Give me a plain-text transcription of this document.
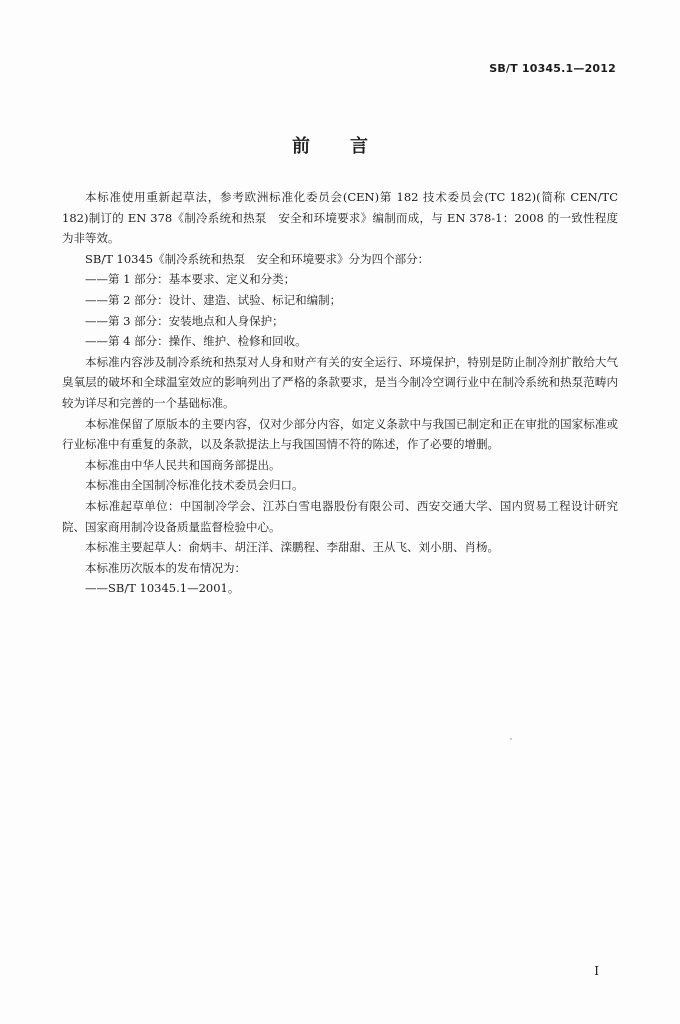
SB/T 10345.1—2012
前言

本标准使用重新起草法，参考欧洲标准化委员会(CEN)第 182 技术委员会(TC 182)(简称 CEN/TC 182)制订的 EN 378《制冷系统和热泵　安全和环境要求》编制而成，与 EN 378-1：2008 的一致性程度为非等效。

SB/T 10345《制冷系统和热泵　安全和环境要求》分为四个部分：

——第 1 部分：基本要求、定义和分类；

——第 2 部分：设计、建造、试验、标记和编制；

——第 3 部分：安装地点和人身保护；

——第 4 部分：操作、维护、检修和回收。

本标准内容涉及制冷系统和热泵对人身和财产有关的安全运行、环境保护，特别是防止制冷剂扩散给大气臭氧层的破坏和全球温室效应的影响列出了严格的条款要求，是当今制冷空调行业中在制冷系统和热泵范畴内较为详尽和完善的一个基础标准。

本标准保留了原版本的主要内容，仅对少部分内容，如定义条款中与我国已制定和正在审批的国家标准或行业标准中有重复的条款，以及条款提法上与我国国情不符的陈述，作了必要的增删。

本标准由中华人民共和国商务部提出。

本标准由全国制冷标准化技术委员会归口。

本标准起草单位：中国制冷学会、江苏白雪电器股份有限公司、西安交通大学、国内贸易工程设计研究院、国家商用制冷设备质量监督检验中心。

本标准主要起草人：俞炳丰、胡汪洋、滦鹏程、李甜甜、王从飞、刘小朋、肖杨。

本标准历次版本的发布情况为：

——SB/T 10345.1—2001。

I
